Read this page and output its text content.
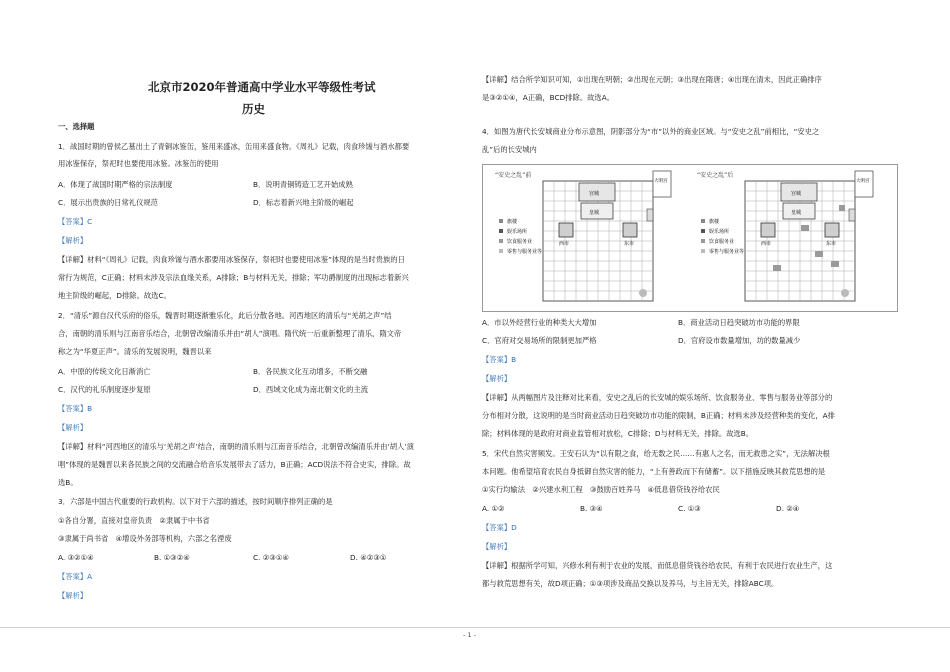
北京市2020年普通高中学业水平等级性考试
历史
一、选择题
1．战国时期的曾侯乙墓出土了青铜冰鉴缶，鉴用来盛冰，缶用来盛食物。《周礼》记载，肉食珍馐与酒水都要
用冰鉴保存，祭祀时也要使用冰鉴。冰鉴缶的使用
A．体现了战国时期严格的宗法制度	B．说明青铜铸造工艺开始成熟
C．展示出贵族的日常礼仪规范	D．标志着新兴地主阶级的崛起
【答案】C
【解析】
【详解】材料“《周礼》记载，肉食珍馐与酒水都要用冰鉴保存，祭祀时也要使用冰鉴”体现的是当时贵族的日
常行为规范，C正确；材料未涉及宗法血缘关系，A排除；B与材料无关，排除；军功爵制度的出现标志着新兴
地主阶级的崛起，D排除。故选C。
2．“清乐”源自汉代乐府的俗乐，魏晋时期逐渐雅乐化，此后分散各地。河西地区的清乐与“羌胡之声”结
合，南朝的清乐则与江南音乐结合，北朝曾改编清乐并由“胡人”演唱。隋代统一后重新整理了清乐，隋文帝
称之为“华夏正声”。清乐的发展说明，魏晋以来
A．中原的传统文化日渐消亡	B．各民族文化互动增多，不断交融
C．汉代的礼乐制度逐步复原	D．西域文化成为南北朝文化的主流
【答案】B
【解析】
【详解】材料“河西地区的清乐与‘羌胡之声’结合，南朝的清乐则与江南音乐结合，北朝曾改编清乐并由‘胡人’演
唱”体现的是魏晋以来各民族之间的交流融合给音乐发展带去了活力，B正确；ACD说法不符合史实，排除。故
选B。
3．六部是中国古代重要的行政机构。以下对于六部的描述，按时间顺序排列正确的是
①各自分署，直接对皇帝负责　②隶属于中书省
③隶属于尚书省　④增设外务部等机构，六部之名湮废
A. ③②①④	B. ①③②④	C. ②③①④	D. ④②③①
【答案】A
【解析】
【详解】结合所学知识可知，①出现在明朝；②出现在元朝；③出现在隋唐；④出现在清末，因此正确排序
是③②①④，A正确，BCD排除。故选A。
4．如图为唐代长安城商业分布示意图，阴影部分为“市”以外的商业区域。与“安史之乱”前相比，“安史之
乱”后的长安城内
“安史之乱”前
宫城
皇城
西市	东市
大明宫
旗楼
娱乐场所
饮食服务业
零售与服务业等
“安史之乱”后
宫城
皇城
西市	东市
大明宫
旗楼
娱乐场所
饮食服务业
零售与服务业等
A．市以外经营行业的种类大大增加	B．商业活动日趋突破坊市功能的界限
C．官府对交易场所的限制更加严格	D．官府设市数量增加，坊的数量减少
【答案】B
【解析】
【详解】从两幅图片及注释对比来看，安史之乱后的长安城的娱乐场所、饮食服务业、零售与服务业等部分的
分布相对分散，这说明的是当时商业活动日趋突破坊市功能的限制，B正确；材料未涉及经营种类的变化，A排
除；材料体现的是政府对商业监管相对放松，C排除；D与材料无关，排除。故选B。
5．宋代自然灾害频发。王安石认为“以有限之食，给无数之民……有惠人之名，而无救患之实”，无法解决根
本问题。他希望培育农民自身抵御自然灾害的能力，“上有善政而下有储蓄”。以下措施反映其救荒思想的是
①实行均输法　②兴建水利工程　③鼓励百姓养马　④低息借贷钱谷给农民
A. ①②	B. ③④	C. ①③	D. ②④
【答案】D
【解析】
【详解】根据所学可知，兴修水利有利于农业的发展，而低息借贷钱谷给农民，有利于农民进行农业生产，这
都与救荒思想有关，故D项正确；①③项涉及商品交换以及养马，与主旨无关，排除ABC项。
- 1 -
